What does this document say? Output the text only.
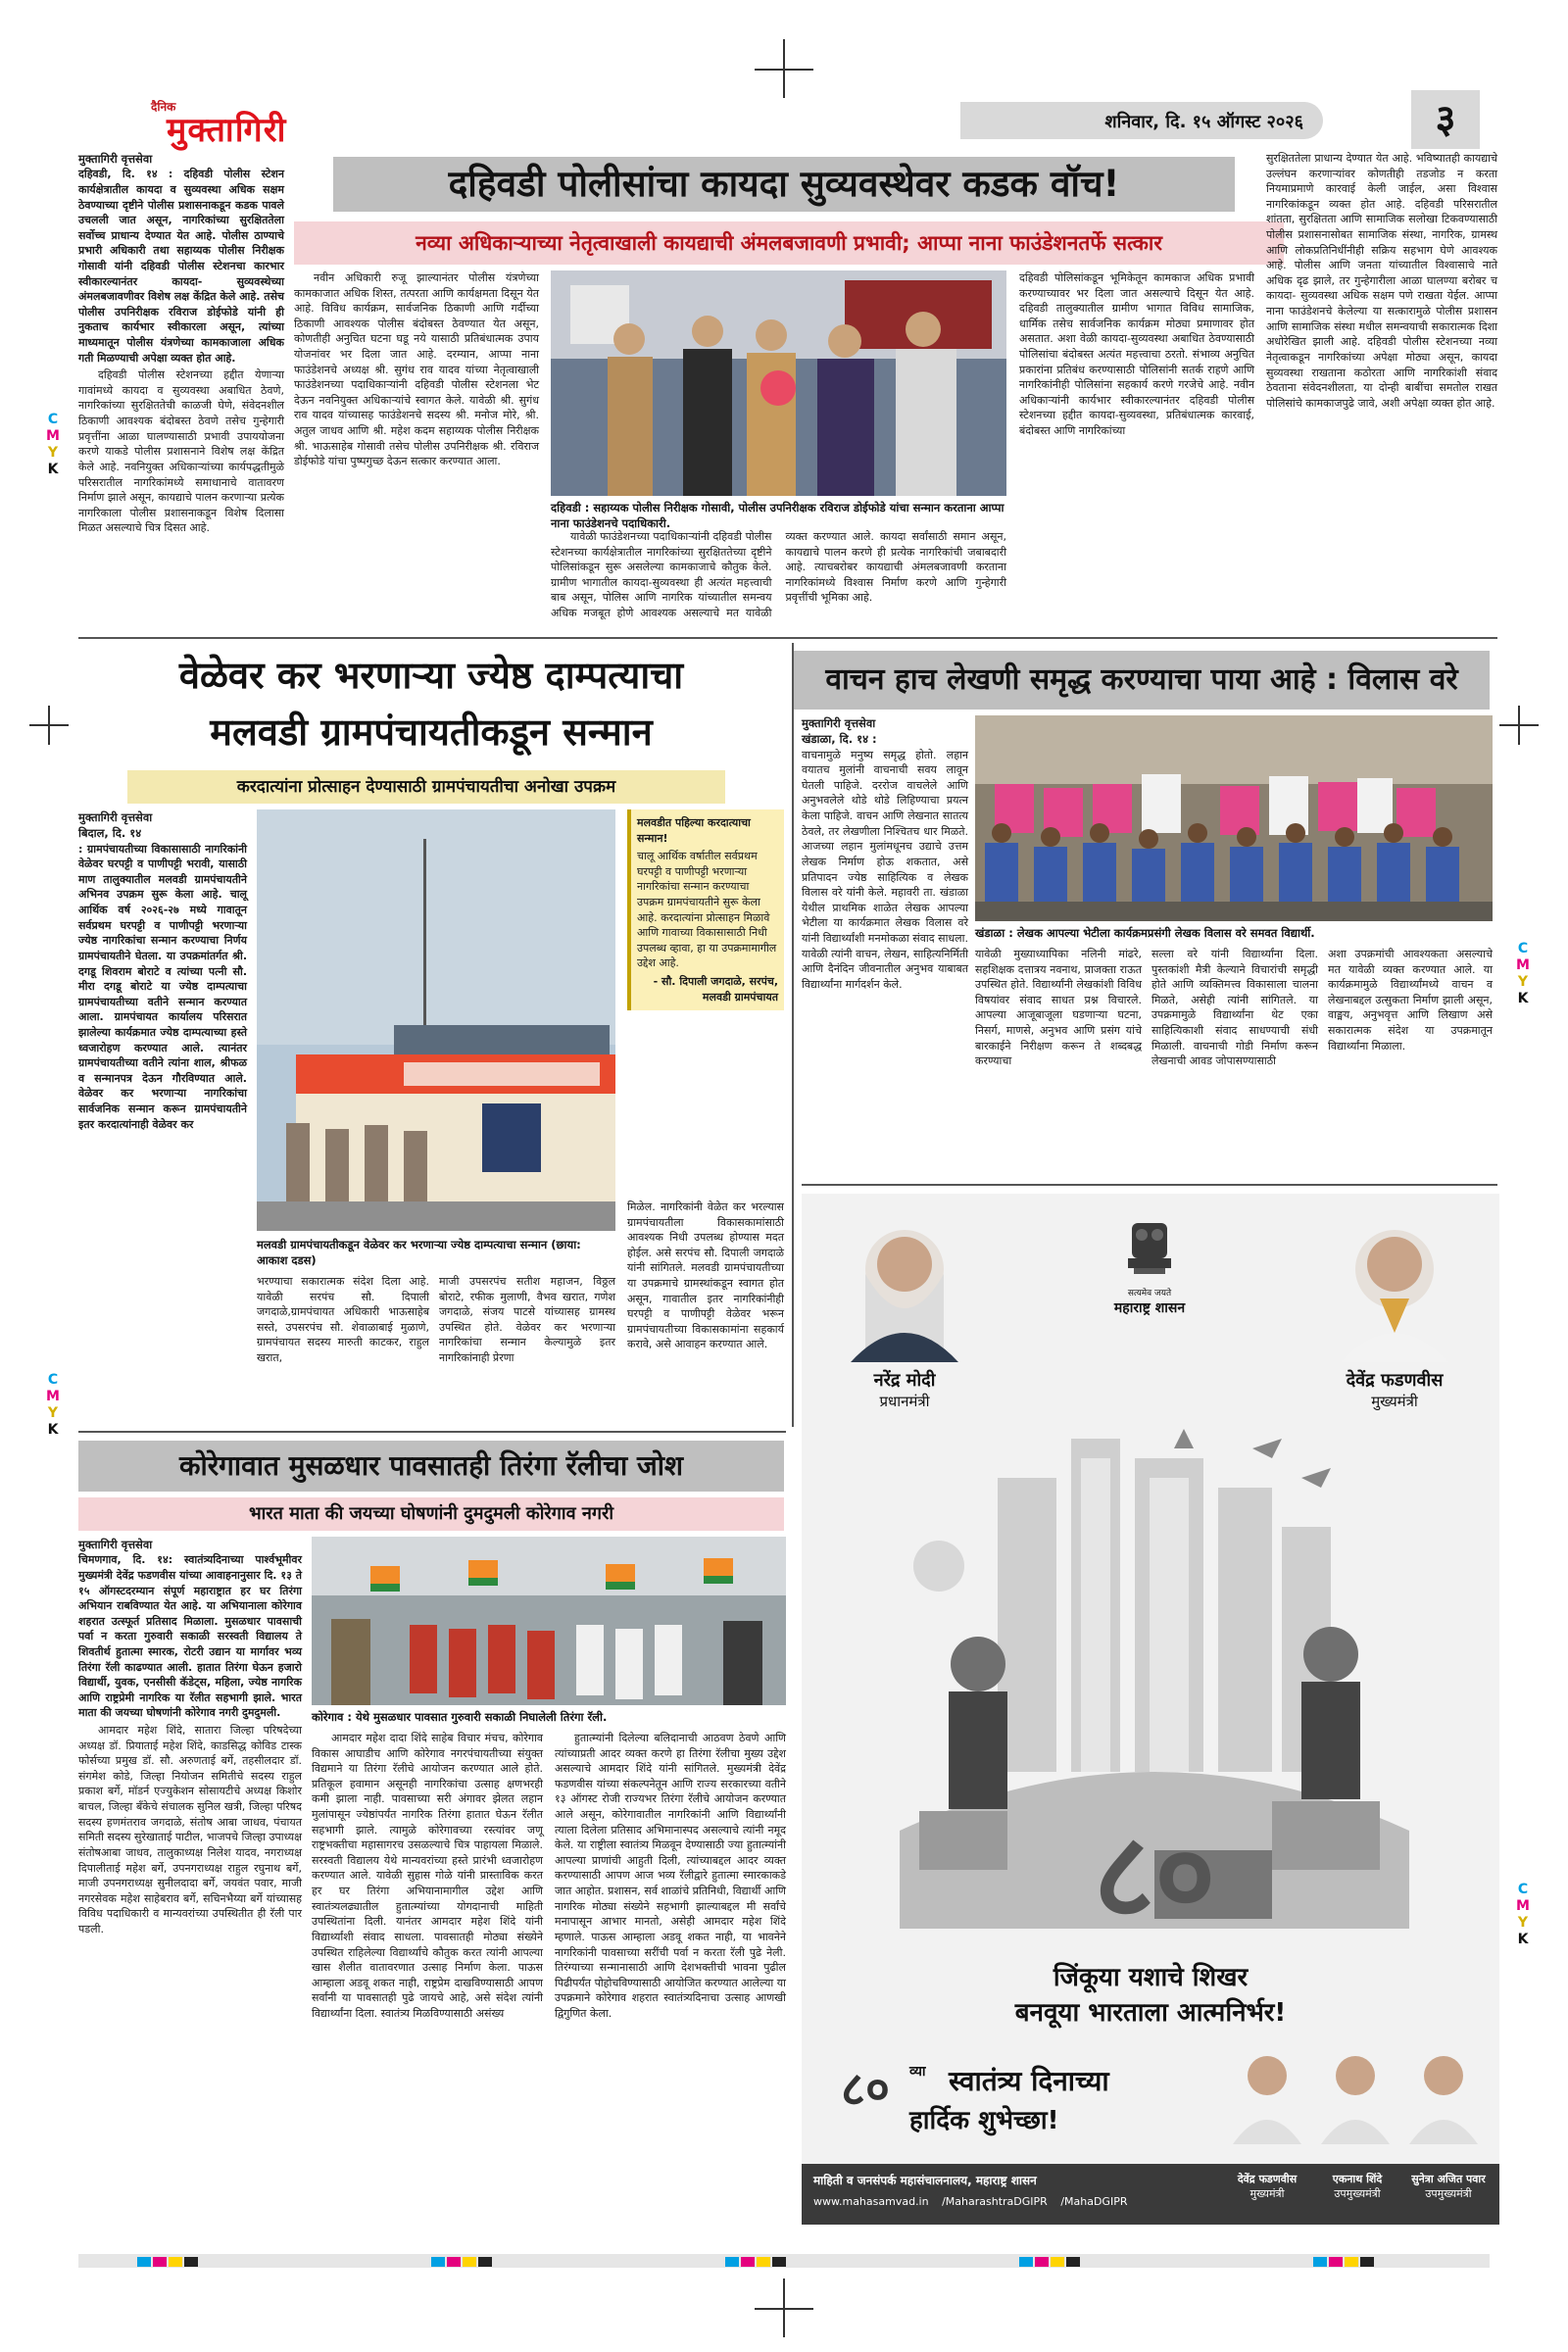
C
M
Y
K
C
M
Y
K
C
M
Y
K
C
M
Y
K
दैनिक
मुक्तागिरी	शनिवार, दि. १५ ऑगस्ट २०२६	३
दहिवडी पोलीसांचा कायदा सुव्यवस्थेवर कडक वॉच!
नव्या अधिकाऱ्याच्या नेतृत्वाखाली कायद्याची अंमलबजावणी प्रभावी; आप्पा नाना फाउंडेशनतर्फे सत्कार
मुक्तागिरी वृत्तसेवा
दहिवडी, दि. १४ : दहिवडी पोलीस स्टेशन कार्यक्षेत्रातील कायदा व सुव्यवस्था अधिक सक्षम ठेवण्याच्या दृष्टीने पोलीस प्रशासनाकडून कडक पावले उचलली जात असून, नागरिकांच्या सुरक्षिततेला सर्वोच्च प्राधान्य देण्यात येत आहे. पोलीस ठाण्याचे प्रभारी अधिकारी तथा सहाय्यक पोलीस निरीक्षक गोसावी यांनी दहिवडी पोलीस स्टेशनचा कारभार स्वीकारल्यानंतर कायदा- सुव्यवस्थेच्या अंमलबजावणीवर विशेष लक्ष केंद्रित केले आहे. तसेच पोलीस उपनिरीक्षक रविराज डोईफोडे यांनी ही नुकताच कार्यभार स्वीकारला असून, त्यांच्या माध्यमातून पोलीस यंत्रणेच्या कामकाजाला अधिक गती मिळण्याची अपेक्षा व्यक्त होत आहे.
दहिवडी पोलीस स्टेशनच्या हद्दीत येणाऱ्या गावांमध्ये कायदा व सुव्यवस्था अबाधित ठेवणे, नागरिकांच्या सुरक्षिततेची काळजी घेणे, संवेदनशील ठिकाणी आवश्यक बंदोबस्त ठेवणे तसेच गुन्हेगारी प्रवृत्तींना आळा घालण्यासाठी प्रभावी उपाययोजना करणे याकडे पोलीस प्रशासनाने विशेष लक्ष केंद्रित केले आहे. नवनियुक्त अधिकाऱ्यांच्या कार्यपद्धतीमुळे परिसरातील नागरिकांमध्ये समाधानाचे वातावरण निर्माण झाले असून, कायद्याचे पालन करणाऱ्या प्रत्येक नागरिकाला पोलीस प्रशासनाकडून विशेष दिलासा मिळत असल्याचे चित्र दिसत आहे.
नवीन अधिकारी रुजू झाल्यानंतर पोलीस यंत्रणेच्या कामकाजात अधिक शिस्त, तत्परता आणि कार्यक्षमता दिसून येत आहे. विविध कार्यक्रम, सार्वजनिक ठिकाणी आणि गर्दीच्या ठिकाणी आवश्यक पोलीस बंदोबस्त ठेवण्यात येत असून, कोणतीही अनुचित घटना घडू नये यासाठी प्रतिबंधात्मक उपाय योजनांवर भर दिला जात आहे. दरम्यान, आप्पा नाना फाउंडेशनचे अध्यक्ष श्री. सुगंध राव यादव यांच्या नेतृत्वाखाली फाउंडेशनच्या पदाधिकाऱ्यांनी दहिवडी पोलीस स्टेशनला भेट देऊन नवनियुक्त अधिकाऱ्यांचे स्वागत केले. यावेळी श्री. सुगंध राव यादव यांच्यासह फाउंडेशनचे सदस्य श्री. मनोज मोरे, श्री. अतुल जाधव आणि श्री. महेश कदम सहाय्यक पोलीस निरीक्षक श्री. भाऊसाहेब गोसावी तसेच पोलीस उपनिरीक्षक श्री. रविराज डोईफोडे यांचा पुष्पगुच्छ देऊन सत्कार करण्यात आला.
दहिवडी : सहाय्यक पोलीस निरीक्षक गोसावी, पोलीस उपनिरीक्षक रविराज डोईफोडे यांचा सन्मान करताना आप्पा नाना फाउंडेशनचे पदाधिकारी.
यावेळी फाउंडेशनच्या पदाधिकाऱ्यांनी दहिवडी पोलीस स्टेशनच्या कार्यक्षेत्रातील नागरिकांच्या सुरक्षिततेच्या दृष्टीने पोलिसांकडून सुरू असलेल्या कामकाजाचे कौतुक केले. ग्रामीण भागातील कायदा-सुव्यवस्था ही अत्यंत महत्त्वाची बाब असून, पोलिस आणि नागरिक यांच्यातील समन्वय अधिक मजबूत होणे आवश्यक असल्याचे मत यावेळी व्यक्त करण्यात आले. कायदा सर्वांसाठी समान असून, कायद्याचे पालन करणे ही प्रत्येक नागरिकांची जबाबदारी आहे. त्याचबरोबर कायद्याची अंमलबजावणी करताना नागरिकांमध्ये विश्वास निर्माण करणे आणि गुन्हेगारी प्रवृत्तींची भूमिका आहे.
दहिवडी पोलिसांकडून भूमिकेतून कामकाज अधिक प्रभावी करण्याच्यावर भर दिला जात असल्याचे दिसून येत आहे. दहिवडी तालुक्यातील ग्रामीण भागात विविध सामाजिक, धार्मिक तसेच सार्वजनिक कार्यक्रम मोठ्या प्रमाणावर होत असतात. अशा वेळी कायदा-सुव्यवस्था अबाधित ठेवण्यासाठी पोलिसांचा बंदोबस्त अत्यंत महत्त्वाचा ठरतो. संभाव्य अनुचित प्रकारांना प्रतिबंध करण्यासाठी पोलिसांनी सतर्क राहणे आणि नागरिकांनीही पोलिसांना सहकार्य करणे गरजेचे आहे. नवीन अधिकाऱ्यांनी कार्यभार स्वीकारल्यानंतर दहिवडी पोलीस स्टेशनच्या हद्दीत कायदा-सुव्यवस्था, प्रतिबंधात्मक कारवाई, बंदोबस्त आणि नागरिकांच्या
सुरक्षिततेला प्राधान्य देण्यात येत आहे. भविष्यातही कायद्याचे उल्लंघन करणाऱ्यांवर कोणतीही तडजोड न करता नियमाप्रमाणे कारवाई केली जाईल, असा विश्वास नागरिकांकडून व्यक्त होत आहे. दहिवडी परिसरातील शांतता, सुरक्षितता आणि सामाजिक सलोखा टिकवण्यासाठी पोलीस प्रशासनासोबत सामाजिक संस्था, नागरिक, ग्रामस्थ आणि लोकप्रतिनिधींनीही सक्रिय सहभाग घेणे आवश्यक आहे. पोलीस आणि जनता यांच्यातील विश्वासाचे नाते अधिक दृढ झाले, तर गुन्हेगारीला आळा घालण्या बरोबर च कायदा- सुव्यवस्था अधिक सक्षम पणे राखता येईल. आप्पा नाना फाउंडेशनचे केलेल्या या सत्कारामुळे पोलीस प्रशासन आणि सामाजिक संस्था मधील समन्वयाची सकारात्मक दिशा अधोरेखित झाली आहे. दहिवडी पोलीस स्टेशनच्या नव्या नेतृत्वाकडून नागरिकांच्या अपेक्षा मोठ्या असून, कायदा सुव्यवस्था राखताना कठोरता आणि नागरिकांशी संवाद ठेवताना संवेदनशीलता, या दोन्ही बाबींचा समतोल राखत पोलिसांचे कामकाजपुढे जावे, अशी अपेक्षा व्यक्त होत आहे.
वेळेवर कर भरणाऱ्या ज्येष्ठ दाम्पत्याचा
मलवडी ग्रामपंचायतीकडून सन्मान
करदात्यांना प्रोत्साहन देण्यासाठी ग्रामपंचायतीचा अनोखा उपक्रम
मुक्तागिरी वृत्तसेवा
बिदाल, दि. १४
: ग्रामपंचायतीच्या विकासासाठी नागरिकांनी वेळेवर घरपट्टी व पाणीपट्टी भरावी, यासाठी माण तालुक्यातील मलवडी ग्रामपंचायतीने अभिनव उपक्रम सुरू केला आहे. चालू आर्थिक वर्ष २०२६-२७ मध्ये गावातून सर्वप्रथम घरपट्टी व पाणीपट्टी भरणाऱ्या ज्येष्ठ नागरिकांचा सन्मान करण्याचा निर्णय ग्रामपंचायतीने घेतला. या उपक्रमांतर्गत श्री. दगडू शिवराम बोराटे व त्यांच्या पत्नी सौ. मीरा दगडू बोराटे या ज्येष्ठ दाम्पत्याचा ग्रामपंचायतीच्या वतीने सन्मान करण्यात आला. ग्रामपंचायत कार्यालय परिसरात झालेल्या कार्यक्रमात ज्येष्ठ दाम्पत्याच्या हस्ते ध्वजारोहण करण्यात आले. त्यानंतर ग्रामपंचायतीच्या वतीने त्यांना शाल, श्रीफळ व सन्मानपत्र देऊन गौरविण्यात आले. वेळेवर कर भरणाऱ्या नागरिकांचा सार्वजनिक सन्मान करून ग्रामपंचायतीने इतर करदात्यांनाही वेळेवर कर
मलवडी ग्रामपंचायतीकडून वेळेवर कर भरणाऱ्या ज्येष्ठ दाम्पत्याचा सन्मान (छाया: आकाश दडस)
मलवडीत पहिल्या करदात्याचा सन्मान!
चालू आर्थिक वर्षातील सर्वप्रथम घरपट्टी व पाणीपट्टी भरणाऱ्या नागरिकांचा सन्मान करण्याचा उपक्रम ग्रामपंचायतीने सुरू केला आहे. करदात्यांना प्रोत्साहन मिळावे आणि गावाच्या विकासासाठी निधी उपलब्ध व्हावा, हा या उपक्रमामागील उद्देश आहे.
- सौ. दिपाली जगदाळे, सरपंच, मलवडी ग्रामपंचायत
मिळेल. नागरिकांनी वेळेत कर भरल्यास ग्रामपंचायतीला विकासकामांसाठी आवश्यक निधी उपलब्ध होण्यास मदत होईल. असे सरपंच सौ. दिपाली जगदाळे यांनी सांगितले. मलवडी ग्रामपंचायतीच्या या उपक्रमाचे ग्रामस्थांकडून स्वागत होत असून, गावातील इतर नागरिकांनीही घरपट्टी व पाणीपट्टी वेळेवर भरून ग्रामपंचायतीच्या विकासकामांना सहकार्य करावे, असे आवाहन करण्यात आले.
भरण्याचा सकारात्मक संदेश दिला आहे. यावेळी सरपंच सौ. दिपाली जगदाळे,ग्रामपंचायत अधिकारी भाऊसाहेब सस्ते, उपसरपंच सौ. शेवाळाबाई मुळाणे, ग्रामपंचायत सदस्य मारुती काटकर, राहुल खरात,
माजी उपसरपंच सतीश महाजन, विठ्ठल बोराटे, रफीक मुलाणी, वैभव खरात, गणेश जगदाळे, संजय पाटसे यांच्यासह ग्रामस्थ उपस्थित होते. वेळेवर कर भरणाऱ्या नागरिकांचा सन्मान केल्यामुळे इतर नागरिकांनाही प्रेरणा
वाचन हाच लेखणी समृद्ध करण्याचा पाया आहे : विलास वरे
मुक्तागिरी वृत्तसेवा
खंडाळा, दि. १४ :
वाचनामुळे मनुष्य समृद्ध होतो. लहान वयातच मुलांनी वाचनाची सवय लावून घेतली पाहिजे. दररोज वाचलेले आणि अनुभवलेले थोडे थोडे लिहिण्याचा प्रयत्न केला पाहिजे. वाचन आणि लेखनात सातत्य ठेवले, तर लेखणीला निश्चितच धार मिळते. आजच्या लहान मुलांमधूनच उद्याचे उत्तम लेखक निर्माण होऊ शकतात, असे प्रतिपादन ज्येष्ठ साहित्यिक व लेखक विलास वरे यांनी केले. महावरी ता. खंडाळा येथील प्राथमिक शाळेत लेखक आपल्या भेटीला या कार्यक्रमात लेखक विलास वरे यांनी विद्यार्थ्यांशी मनमोकळा संवाद साधला. यावेळी त्यांनी वाचन, लेखन, साहित्यनिर्मिती आणि दैनंदिन जीवनातील अनुभव याबाबत विद्यार्थ्यांना मार्गदर्शन केले.
खंडाळा : लेखक आपल्या भेटीला कार्यक्रमप्रसंगी लेखक विलास वरे समवत विद्यार्थी.
यावेळी मुख्याध्यापिका नलिनी मांढरे, सहशिक्षक दत्तात्रय नवनाथ, प्राजक्ता राऊत उपस्थित होते. विद्यार्थ्यांनी लेखकांशी विविध विषयांवर संवाद साधत प्रश्न विचारले. आपल्या आजूबाजूला घडणाऱ्या घटना, निसर्ग, माणसे, अनुभव आणि प्रसंग यांचे बारकाईने निरीक्षण करून ते शब्दबद्ध करण्याचा
सल्ला वरे यांनी विद्यार्थ्यांना दिला. पुस्तकांशी मैत्री केल्याने विचारांची समृद्धी होते आणि व्यक्तिमत्त्व विकासाला चालना मिळते, असेही त्यांनी सांगितले. या उपक्रमामुळे विद्यार्थ्यांना थेट एका साहित्यिकाशी संवाद साधण्याची संधी मिळाली. वाचनाची गोडी निर्माण करून लेखनाची आवड जोपासण्यासाठी
अशा उपक्रमांची आवश्यकता असल्याचे मत यावेळी व्यक्त करण्यात आले. या कार्यक्रमामुळे विद्यार्थ्यांमध्ये वाचन व लेखनाबद्दल उत्सुकता निर्माण झाली असून, वाङ्मय, अनुभवृत्त आणि लिखाण असे सकारात्मक संदेश या उपक्रमातून विद्यार्थ्यांना मिळाला.
कोरेगावात मुसळधार पावसातही तिरंगा रॅलीचा जोश
भारत माता की जयच्या घोषणांनी दुमदुमली कोरेगाव नगरी
मुक्तागिरी वृत्तसेवा
चिमणगाव, दि. १४: स्वातंत्र्यदिनाच्या पार्श्वभूमीवर मुख्यमंत्री देवेंद्र फडणवीस यांच्या आवाहनानुसार दि. १३ ते १५ ऑगस्टदरम्यान संपूर्ण महाराष्ट्रात हर घर तिरंगा अभियान राबविण्यात येत आहे. या अभियानाला कोरेगाव शहरात उत्स्फूर्त प्रतिसाद मिळाला. मुसळधार पावसाची पर्वा न करता गुरुवारी सकाळी सरस्वती विद्यालय ते शिवतीर्थ हुतात्मा स्मारक, रोटरी उद्यान या मार्गावर भव्य तिरंगा रॅली काढण्यात आली. हातात तिरंगा घेऊन हजारो विद्यार्थी, युवक, एनसीसी कॅडेट्स, महिला, ज्येष्ठ नागरिक आणि राष्ट्रप्रेमी नागरिक या रॅलीत सहभागी झाले. भारत माता की जयच्या घोषणांनी कोरेगाव नगरी दुमदुमली.
आमदार महेश शिंदे, सातारा जिल्हा परिषदेच्या अध्यक्ष डॉ. प्रियाताई महेश शिंदे, काडसिद्ध कोविड टास्क फोर्सच्या प्रमुख डॉ. सौ. अरुणताई बर्गे, तहसीलदार डॉ. संगमेश कोडे, जिल्हा नियोजन समितीचे सदस्य राहुल प्रकाश बर्गे, मॉडर्न एज्युकेशन सोसायटीचे अध्यक्ष किशोर बाचल, जिल्हा बँकेचे संचालक सुनिल खत्री, जिल्हा परिषद सदस्य हणमंतराव जगदाळे, संतोष आबा जाधव, पंचायत समिती सदस्य सुरेखाताई पाटील, भाजपचे जिल्हा उपाध्यक्ष संतोषआबा जाधव, तालुकाध्यक्ष निलेश यादव, नगराध्यक्ष दिपालीताई महेश बर्गे, उपनगराध्यक्ष राहुल रघुनाथ बर्गे, माजी उपनगराध्यक्ष सुनीलदादा बर्गे, जयवंत पवार, माजी नगरसेवक महेश साहेबराव बर्गे, सचिनभैय्या बर्गे यांच्यासह विविध पदाधिकारी व मान्यवरांच्या उपस्थितीत ही रॅली पार पडली.
कोरेगाव : येथे मुसळधार पावसात गुरुवारी सकाळी निघालेली तिरंगा रॅली.
आमदार महेश दादा शिंदे साहेब विचार मंचच, कोरेगाव विकास आघाडीच आणि कोरेगाव नगरपंचायतीच्या संयुक्त विद्यमाने या तिरंगा रॅलीचे आयोजन करण्यात आले होते. प्रतिकूल हवामान असूनही नागरिकांचा उत्साह क्षणभरही कमी झाला नाही. पावसाच्या सरी अंगावर झेलत लहान मुलांपासून ज्येष्ठांपर्यंत नागरिक तिरंगा हातात घेऊन रॅलीत सहभागी झाले. त्यामुळे कोरेगावच्या रस्त्यांवर जणू राष्ट्रभक्तीचा महासागरच उसळल्याचे चित्र पाहायला मिळाले. सरस्वती विद्यालय येथे मान्यवरांच्या हस्ते प्रारंभी ध्वजारोहण करण्यात आले. यावेळी सुहास गोळे यांनी प्रास्ताविक करत हर घर तिरंगा अभियानामागील उद्देश आणि स्वातंत्र्यलढ्यातील हुतात्म्यांच्या योगदानाची माहिती उपस्थितांना दिली. यानंतर आमदार महेश शिंदे यांनी विद्यार्थ्यांशी संवाद साधला. पावसातही मोठ्या संख्येने उपस्थित राहिलेल्या विद्यार्थ्यांचे कौतुक करत त्यांनी आपल्या खास शैलीत वातावरणात उत्साह निर्माण केला. पाऊस आम्हाला अडवू शकत नाही, राष्ट्रप्रेम दाखविण्यासाठी आपण सर्वांनी या पावसातही पुढे जायचे आहे, असे संदेश त्यांनी विद्यार्थ्यांना दिला. स्वातंत्र्य मिळविण्यासाठी असंख्य
हुतात्म्यांनी दिलेल्या बलिदानाची आठवण ठेवणे आणि त्यांच्याप्रती आदर व्यक्त करणे हा तिरंगा रॅलीचा मुख्य उद्देश असल्याचे आमदार शिंदे यांनी सांगितले. मुख्यमंत्री देवेंद्र फडणवीस यांच्या संकल्पनेतून आणि राज्य सरकारच्या वतीने १३ ऑगस्ट रोजी राज्यभर तिरंगा रॅलीचे आयोजन करण्यात आले असून, कोरेगावातील नागरिकांनी आणि विद्यार्थ्यांनी त्याला दिलेला प्रतिसाद अभिमानास्पद असल्याचे त्यांनी नमूद केले. या राष्ट्रीला स्वातंत्र्य मिळवून देण्यासाठी ज्या हुतात्म्यांनी आपल्या प्राणांची आहुती दिली, त्यांच्याबद्दल आदर व्यक्त करण्यासाठी आपण आज भव्य रॅलीद्वारे हुतात्मा स्मारकाकडे जात आहोत. प्रशासन, सर्व शाळांचे प्रतिनिधी, विद्यार्थी आणि नागरिक मोठ्या संख्येने सहभागी झाल्याबद्दल मी सर्वांचे मनापासून आभार मानतो, असेही आमदार महेश शिंदे म्हणाले. पाऊस आम्हाला अडवू शकत नाही, या भावनेने नागरिकांनी पावसाच्या सरींची पर्वा न करता रॅली पुढे नेली. तिरंग्याच्या सन्मानासाठी आणि देशभक्तीची भावना पुढील पिढीपर्यंत पोहोचविण्यासाठी आयोजित करण्यात आलेल्या या उपक्रमाने कोरेगाव शहरात स्वातंत्र्यदिनाचा उत्साह आणखी द्विगुणित केला.
नरेंद्र मोदी
प्रधानमंत्री
सत्यमेव जयते
महाराष्ट्र शासन
देवेंद्र फडणवीस
मुख्यमंत्री
८०
जिंकूया यशाचे शिखर
बनवूया भारताला आत्मनिर्भर!
८० व्या स्वातंत्र्य दिनाच्या
हार्दिक शुभेच्छा!
माहिती व जनसंपर्क महासंचालनालय, महाराष्ट्र शासन
www.mahasamvad.in /MaharashtraDGIPR /MahaDGIPR
देवेंद्र फडणवीस
मुख्यमंत्री
एकनाथ शिंदे
उपमुख्यमंत्री
सुनेत्रा अजित पवार
उपमुख्यमंत्री
